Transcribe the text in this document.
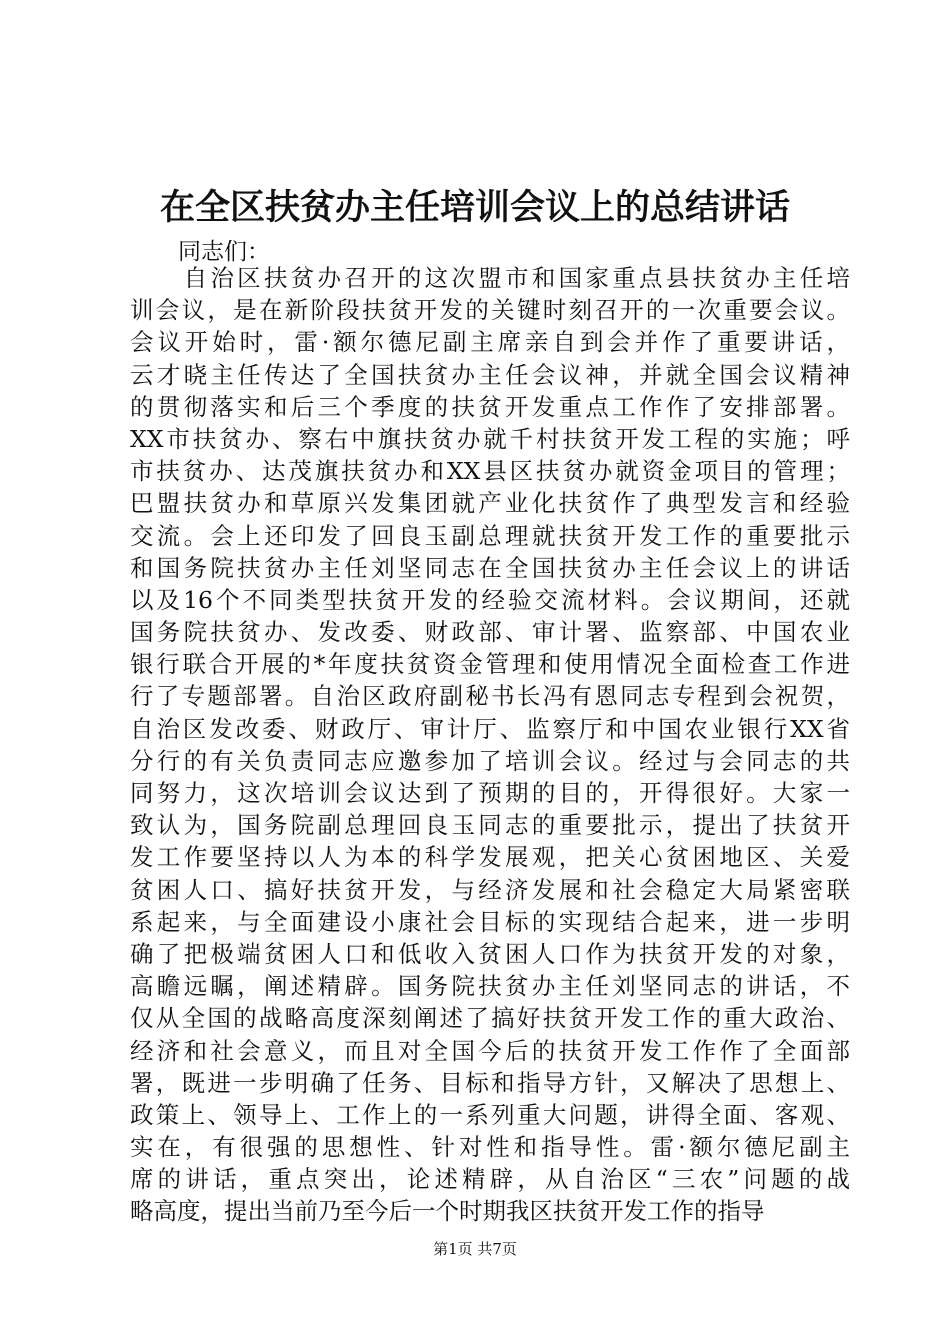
在全区扶贫办主任培训会议上的总结讲话
同志们：
　　自治区扶贫办召开的这次盟市和国家重点县扶贫办主任培
训会议，是在新阶段扶贫开发的关键时刻召开的一次重要会议。
会议开始时，雷·额尔德尼副主席亲自到会并作了重要讲话，
云才晓主任传达了全国扶贫办主任会议神，并就全国会议精神
的贯彻落实和后三个季度的扶贫开发重点工作作了安排部署。
XX市扶贫办、察右中旗扶贫办就千村扶贫开发工程的实施；呼
市扶贫办、达茂旗扶贫办和XX县区扶贫办就资金项目的管理；
巴盟扶贫办和草原兴发集团就产业化扶贫作了典型发言和经验
交流。会上还印发了回良玉副总理就扶贫开发工作的重要批示
和国务院扶贫办主任刘坚同志在全国扶贫办主任会议上的讲话
以及16个不同类型扶贫开发的经验交流材料。会议期间，还就
国务院扶贫办、发改委、财政部、审计署、监察部、中国农业
银行联合开展的*年度扶贫资金管理和使用情况全面检查工作进
行了专题部署。自治区政府副秘书长冯有恩同志专程到会祝贺，
自治区发改委、财政厅、审计厅、监察厅和中国农业银行XX省
分行的有关负责同志应邀参加了培训会议。经过与会同志的共
同努力，这次培训会议达到了预期的目的，开得很好。大家一
致认为，国务院副总理回良玉同志的重要批示，提出了扶贫开
发工作要坚持以人为本的科学发展观，把关心贫困地区、关爱
贫困人口、搞好扶贫开发，与经济发展和社会稳定大局紧密联
系起来，与全面建设小康社会目标的实现结合起来，进一步明
确了把极端贫困人口和低收入贫困人口作为扶贫开发的对象，
高瞻远瞩，阐述精辟。国务院扶贫办主任刘坚同志的讲话，不
仅从全国的战略高度深刻阐述了搞好扶贫开发工作的重大政治、
经济和社会意义，而且对全国今后的扶贫开发工作作了全面部
署，既进一步明确了任务、目标和指导方针，又解决了思想上、
政策上、领导上、工作上的一系列重大问题，讲得全面、客观、
实在，有很强的思想性、针对性和指导性。雷·额尔德尼副主
席的讲话，重点突出，论述精辟，从自治区“三农”问题的战
略高度，提出当前乃至今后一个时期我区扶贫开发工作的指导
第1页 共7页
